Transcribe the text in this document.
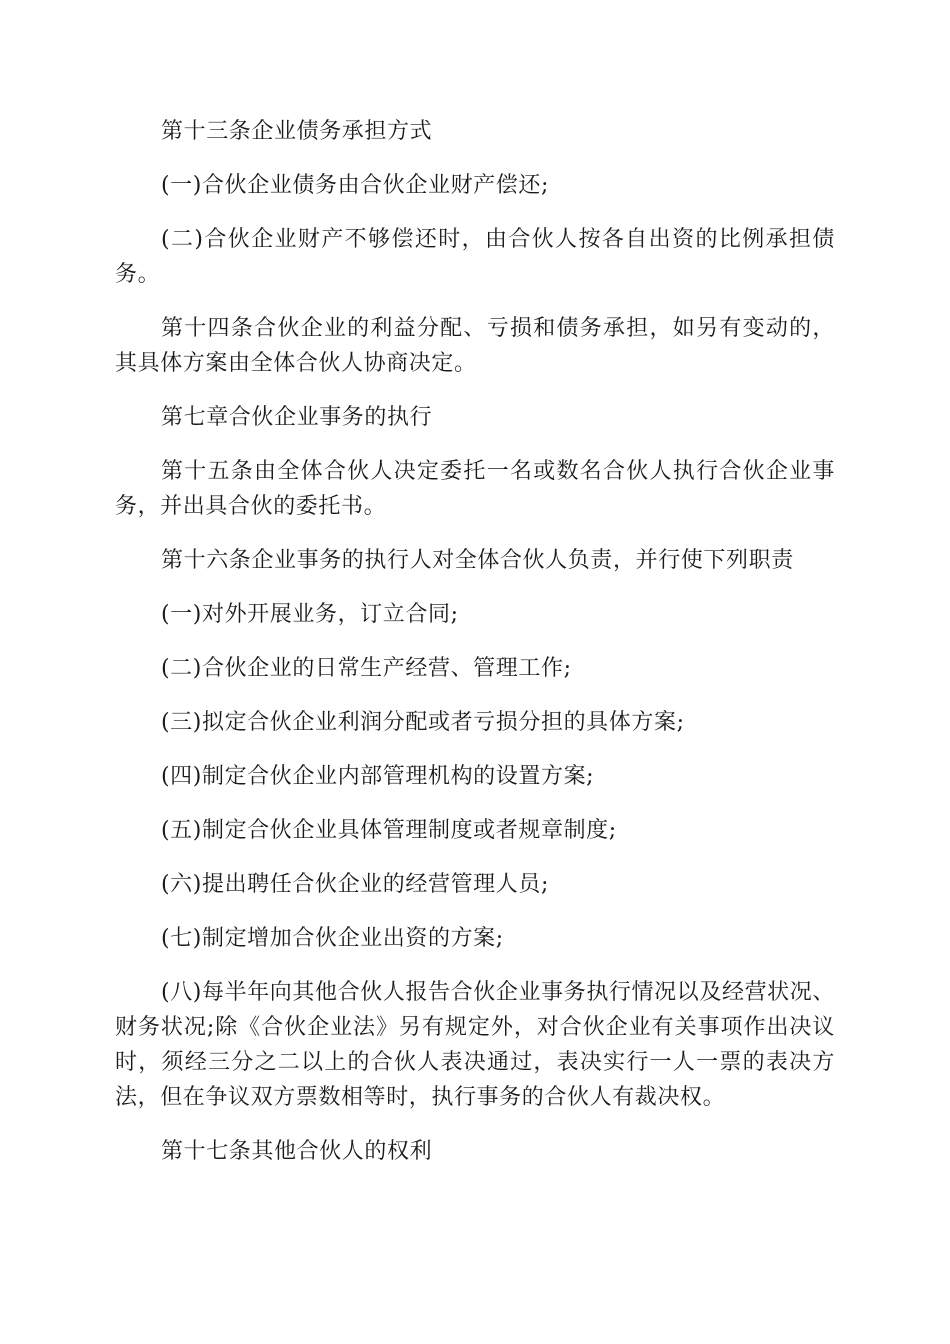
第十三条企业债务承担方式

(一)合伙企业债务由合伙企业财产偿还;

(二)合伙企业财产不够偿还时，由合伙人按各自出资的比例承担债务。

第十四条合伙企业的利益分配、亏损和债务承担，如另有变动的，其具体方案由全体合伙人协商决定。

第七章合伙企业事务的执行

第十五条由全体合伙人决定委托一名或数名合伙人执行合伙企业事务，并出具合伙的委托书。

第十六条企业事务的执行人对全体合伙人负责，并行使下列职责

(一)对外开展业务，订立合同;

(二)合伙企业的日常生产经营、管理工作;

(三)拟定合伙企业利润分配或者亏损分担的具体方案;

(四)制定合伙企业内部管理机构的设置方案;

(五)制定合伙企业具体管理制度或者规章制度;

(六)提出聘任合伙企业的经营管理人员;

(七)制定增加合伙企业出资的方案;

(八)每半年向其他合伙人报告合伙企业事务执行情况以及经营状况、财务状况;除《合伙企业法》另有规定外，对合伙企业有关事项作出决议时，须经三分之二以上的合伙人表决通过，表决实行一人一票的表决方法，但在争议双方票数相等时，执行事务的合伙人有裁决权。

第十七条其他合伙人的权利
